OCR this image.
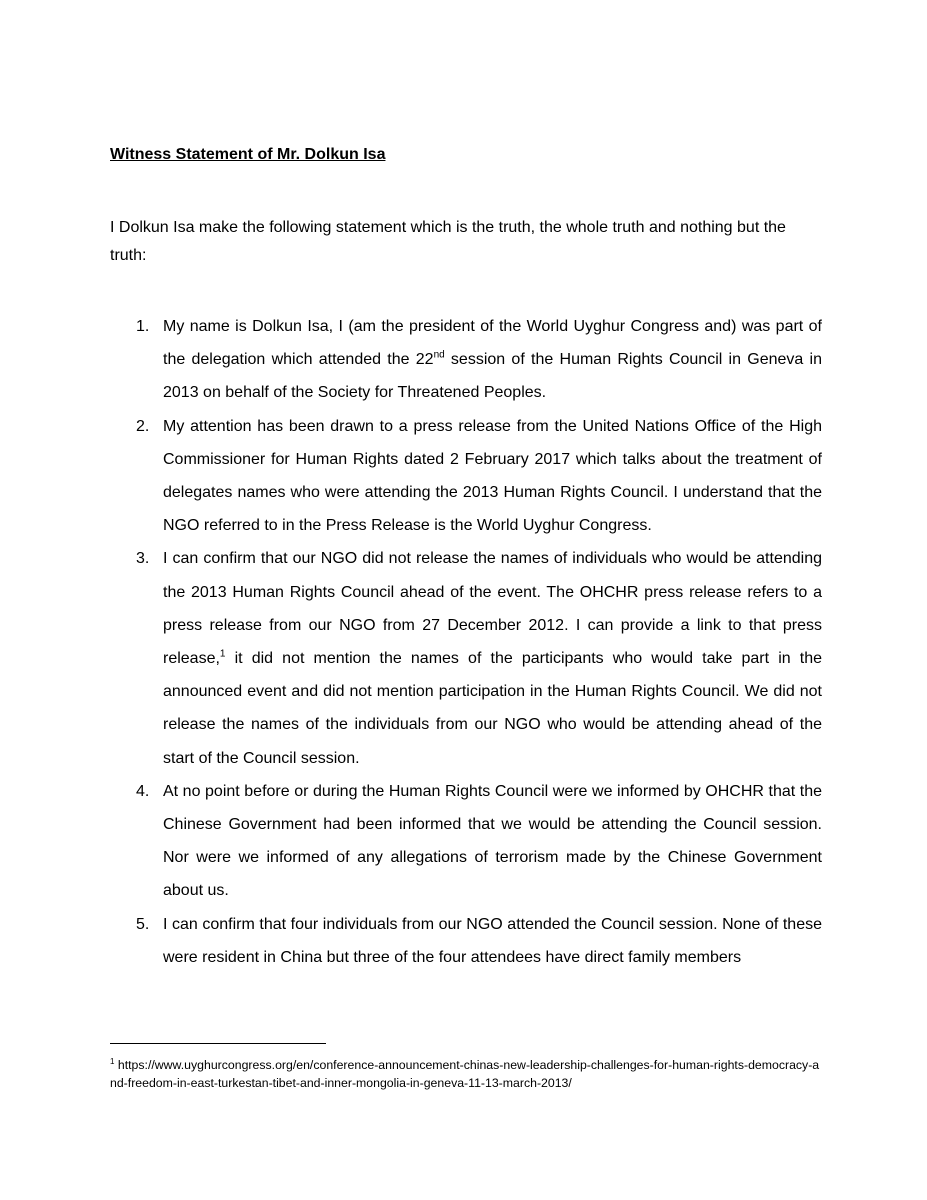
Witness Statement of Mr. Dolkun Isa

I Dolkun Isa make the following statement which is the truth, the whole truth and nothing but the truth:

1. My name is Dolkun Isa, I (am the president of the World Uyghur Congress and) was part of the delegation which attended the 22nd session of the Human Rights Council in Geneva in 2013 on behalf of the Society for Threatened Peoples.
2. My attention has been drawn to a press release from the United Nations Office of the High Commissioner for Human Rights dated 2 February 2017 which talks about the treatment of delegates names who were attending the 2013 Human Rights Council. I understand that the NGO referred to in the Press Release is the World Uyghur Congress.
3. I can confirm that our NGO did not release the names of individuals who would be attending the 2013 Human Rights Council ahead of the event. The OHCHR press release refers to a press release from our NGO from 27 December 2012. I can provide a link to that press release,$^1$ it did not mention the names of the participants who would take part in the announced event and did not mention participation in the Human Rights Council. We did not release the names of the individuals from our NGO who would be attending ahead of the start of the Council session.
4. At no point before or during the Human Rights Council were we informed by OHCHR that the Chinese Government had been informed that we would be attending the Council session. Nor were we informed of any allegations of terrorism made by the Chinese Government about us.
5. I can confirm that four individuals from our NGO attended the Council session. None of these were resident in China but three of the four attendees have direct family members

$^1$ https://www.uyghurcongress.org/en/conference-announcement-chinas-new-leadership-challenges-for-human-rights-democracy-and-freedom-in-east-turkestan-tibet-and-inner-mongolia-in-geneva-11-13-march-2013/
